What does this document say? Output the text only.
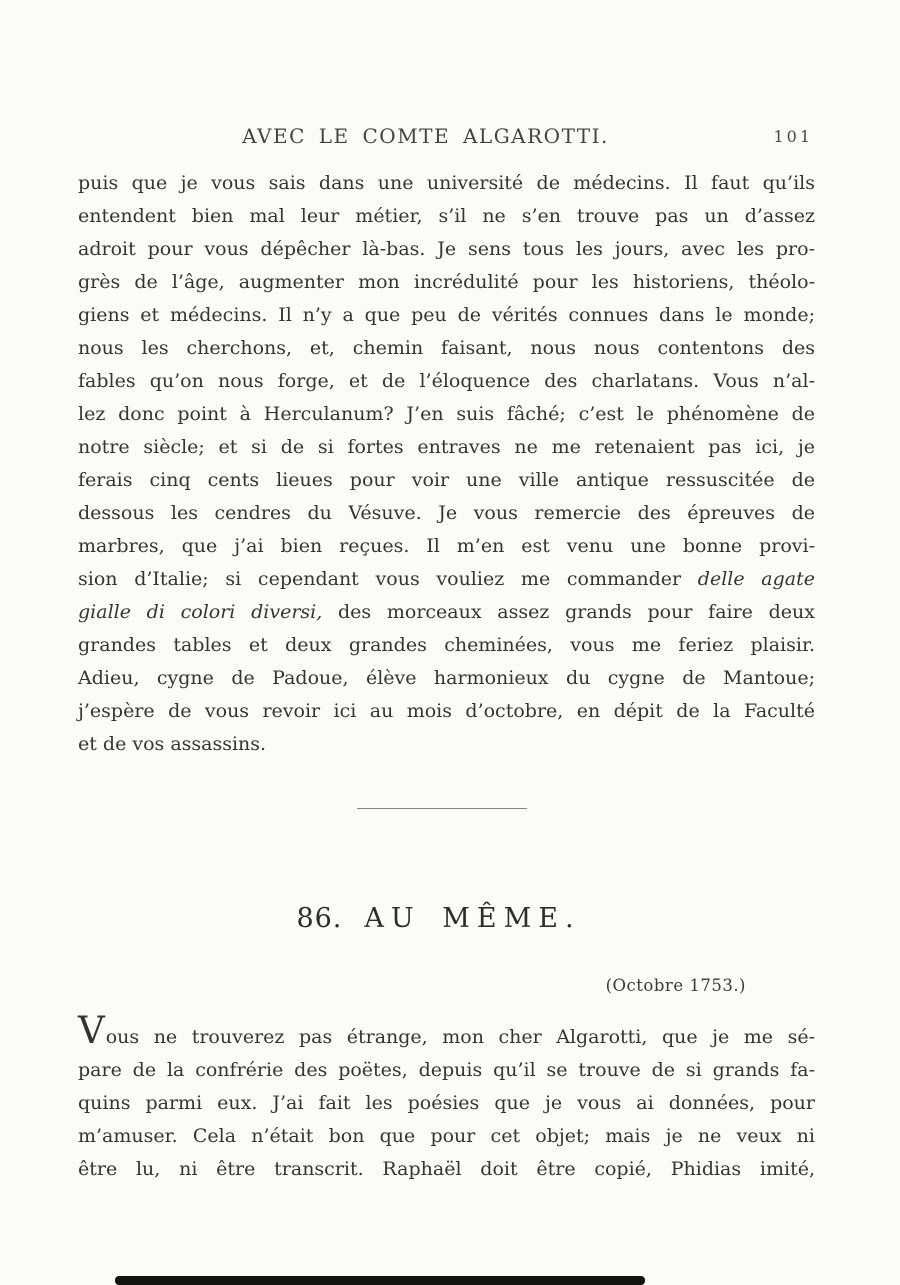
AVEC LE COMTE ALGAROTTI.	101
puis que je vous sais dans une université de médecins. Il faut qu’ils
entendent bien mal leur métier, s’il ne s’en trouve pas un d’assez
adroit pour vous dépêcher là-bas. Je sens tous les jours, avec les pro-
grès de l’âge, augmenter mon incrédulité pour les historiens, théolo-
giens et médecins. Il n’y a que peu de vérités connues dans le monde;
nous les cherchons, et, chemin faisant, nous nous contentons des
fables qu’on nous forge, et de l’éloquence des charlatans. Vous n’al-
lez donc point à Herculanum? J’en suis fâché; c’est le phénomène de
notre siècle; et si de si fortes entraves ne me retenaient pas ici, je
ferais cinq cents lieues pour voir une ville antique ressuscitée de
dessous les cendres du Vésuve. Je vous remercie des épreuves de
marbres, que j’ai bien reçues. Il m’en est venu une bonne provi-
sion d’Italie; si cependant vous vouliez me commander delle agate
gialle di colori diversi, des morceaux assez grands pour faire deux
grandes tables et deux grandes cheminées, vous me feriez plaisir.
Adieu, cygne de Padoue, élève harmonieux du cygne de Mantoue;
j’espère de vous revoir ici au mois d’octobre, en dépit de la Faculté
et de vos assassins.
86. AU MÊME.
(Octobre 1753.)
Vous ne trouverez pas étrange, mon cher Algarotti, que je me sé-
pare de la confrérie des poëtes, depuis qu’il se trouve de si grands fa-
quins parmi eux. J’ai fait les poésies que je vous ai données, pour
m’amuser. Cela n’était bon que pour cet objet; mais je ne veux ni
être lu, ni être transcrit. Raphaël doit être copié, Phidias imité,
